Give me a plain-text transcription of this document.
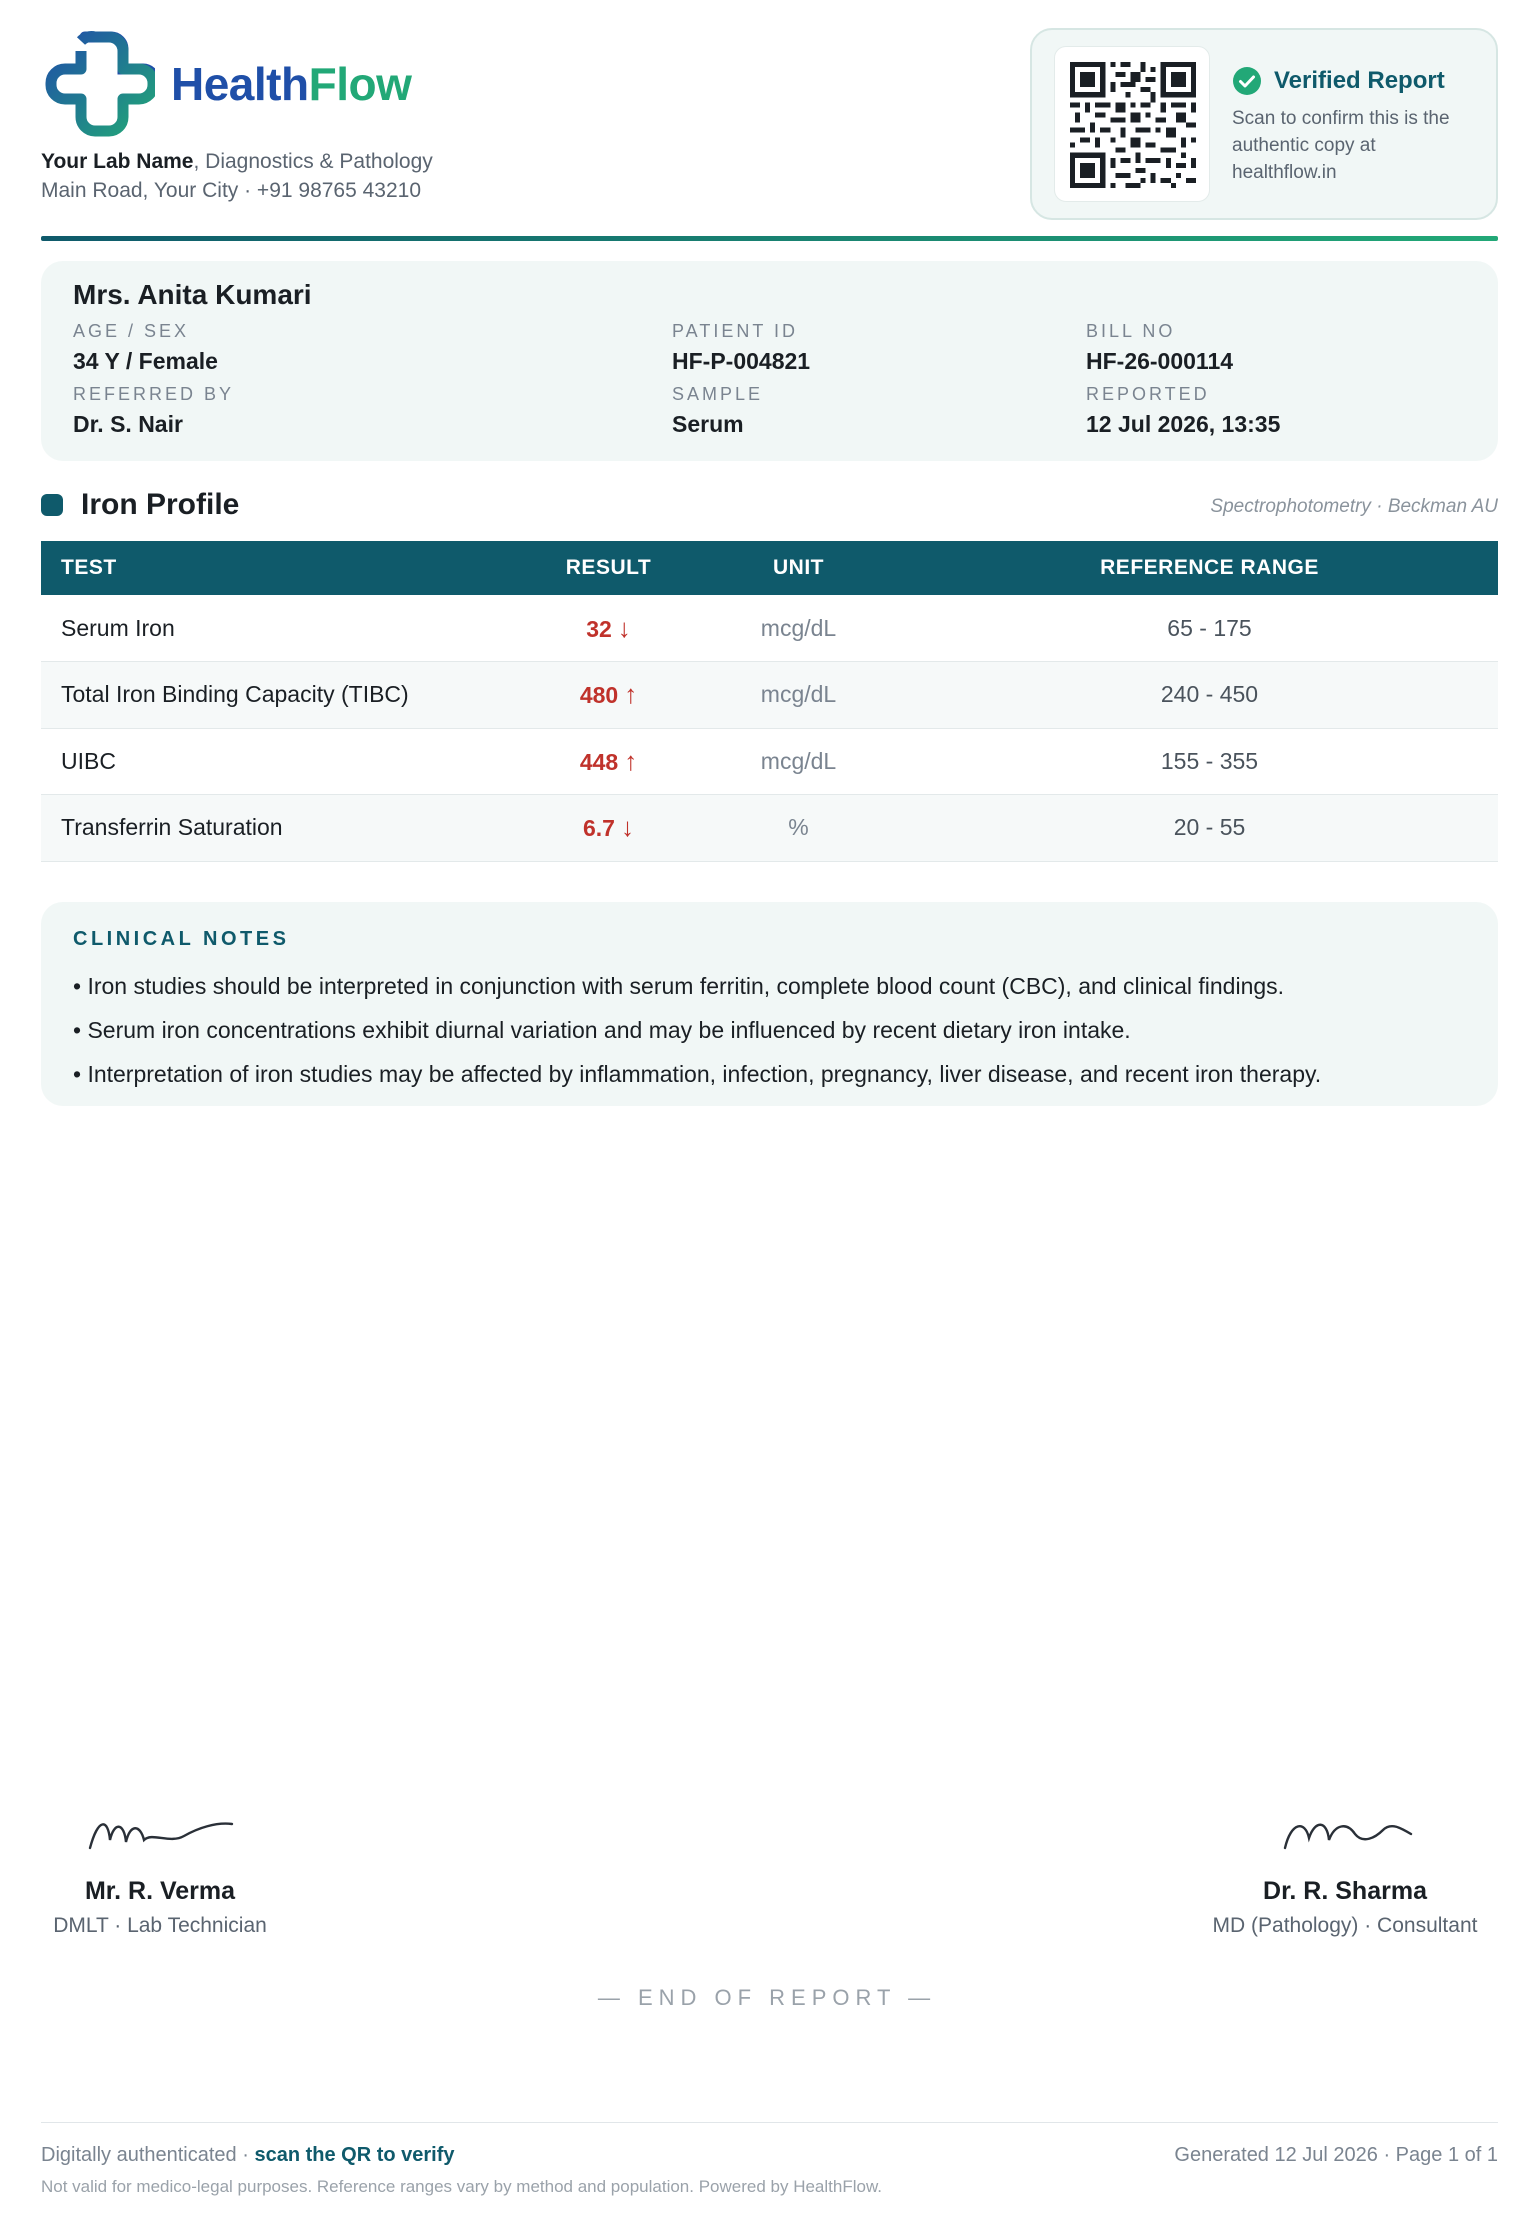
HealthFlow
Your Lab Name, Diagnostics & Pathology
Main Road, Your City · +91 98765 43210
Verified Report
Scan to confirm this is the authentic copy at healthflow.in
Mrs. Anita Kumari
AGE / SEX
34 Y / Female
PATIENT ID
HF-P-004821
BILL NO
HF-26-000114
REFERRED BY
Dr. S. Nair
SAMPLE
Serum
REPORTED
12 Jul 2026, 13:35
Iron Profile	Spectrophotometry · Beckman AU
TEST	RESULT	UNIT	REFERENCE RANGE
Serum Iron	32 ↓	mcg/dL	65 - 175
Total Iron Binding Capacity (TIBC)	480 ↑	mcg/dL	240 - 450
UIBC	448 ↑	mcg/dL	155 - 355
Transferrin Saturation	6.7 ↓	%	20 - 55
CLINICAL NOTES
• Iron studies should be interpreted in conjunction with serum ferritin, complete blood count (CBC), and clinical findings.
• Serum iron concentrations exhibit diurnal variation and may be influenced by recent dietary iron intake.
• Interpretation of iron studies may be affected by inflammation, infection, pregnancy, liver disease, and recent iron therapy.
Mr. R. Verma
DMLT · Lab Technician
Dr. R. Sharma
MD (Pathology) · Consultant
— END OF REPORT —
Digitally authenticated · scan the QR to verify	Generated 12 Jul 2026 · Page 1 of 1
Not valid for medico-legal purposes. Reference ranges vary by method and population. Powered by HealthFlow.
